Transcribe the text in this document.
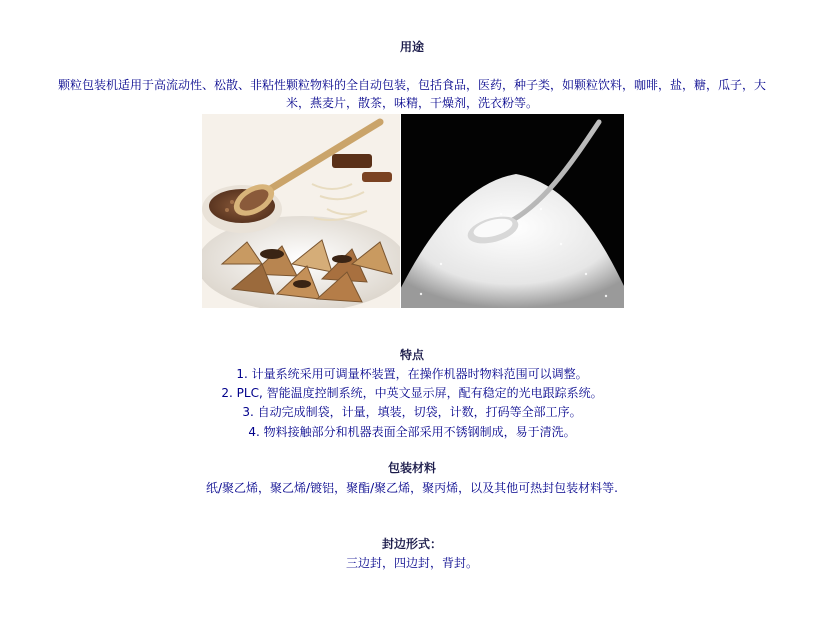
用途
颗粒包装机适用于高流动性、松散、非粘性颗粒物料的全自动包装，包括食品，医药，种子类，如颗粒饮料，咖啡，盐，糖，瓜子，大
米，燕麦片，散茶，味精，干燥剂，洗衣粉等。
特点
1. 计量系统采用可调量杯装置，在操作机器时物料范围可以调整。
2. PLC, 智能温度控制系统，中英文显示屏，配有稳定的光电跟踪系统。
3. 自动完成制袋，计量，填装，切袋，计数，打码等全部工序。
4. 物料接触部分和机器表面全部采用不锈钢制成，易于清洗。
包装材料
纸/聚乙烯，聚乙烯/镀铝，聚酯/聚乙烯，聚丙烯，以及其他可热封包装材料等.
封边形式：
三边封，四边封，背封。
